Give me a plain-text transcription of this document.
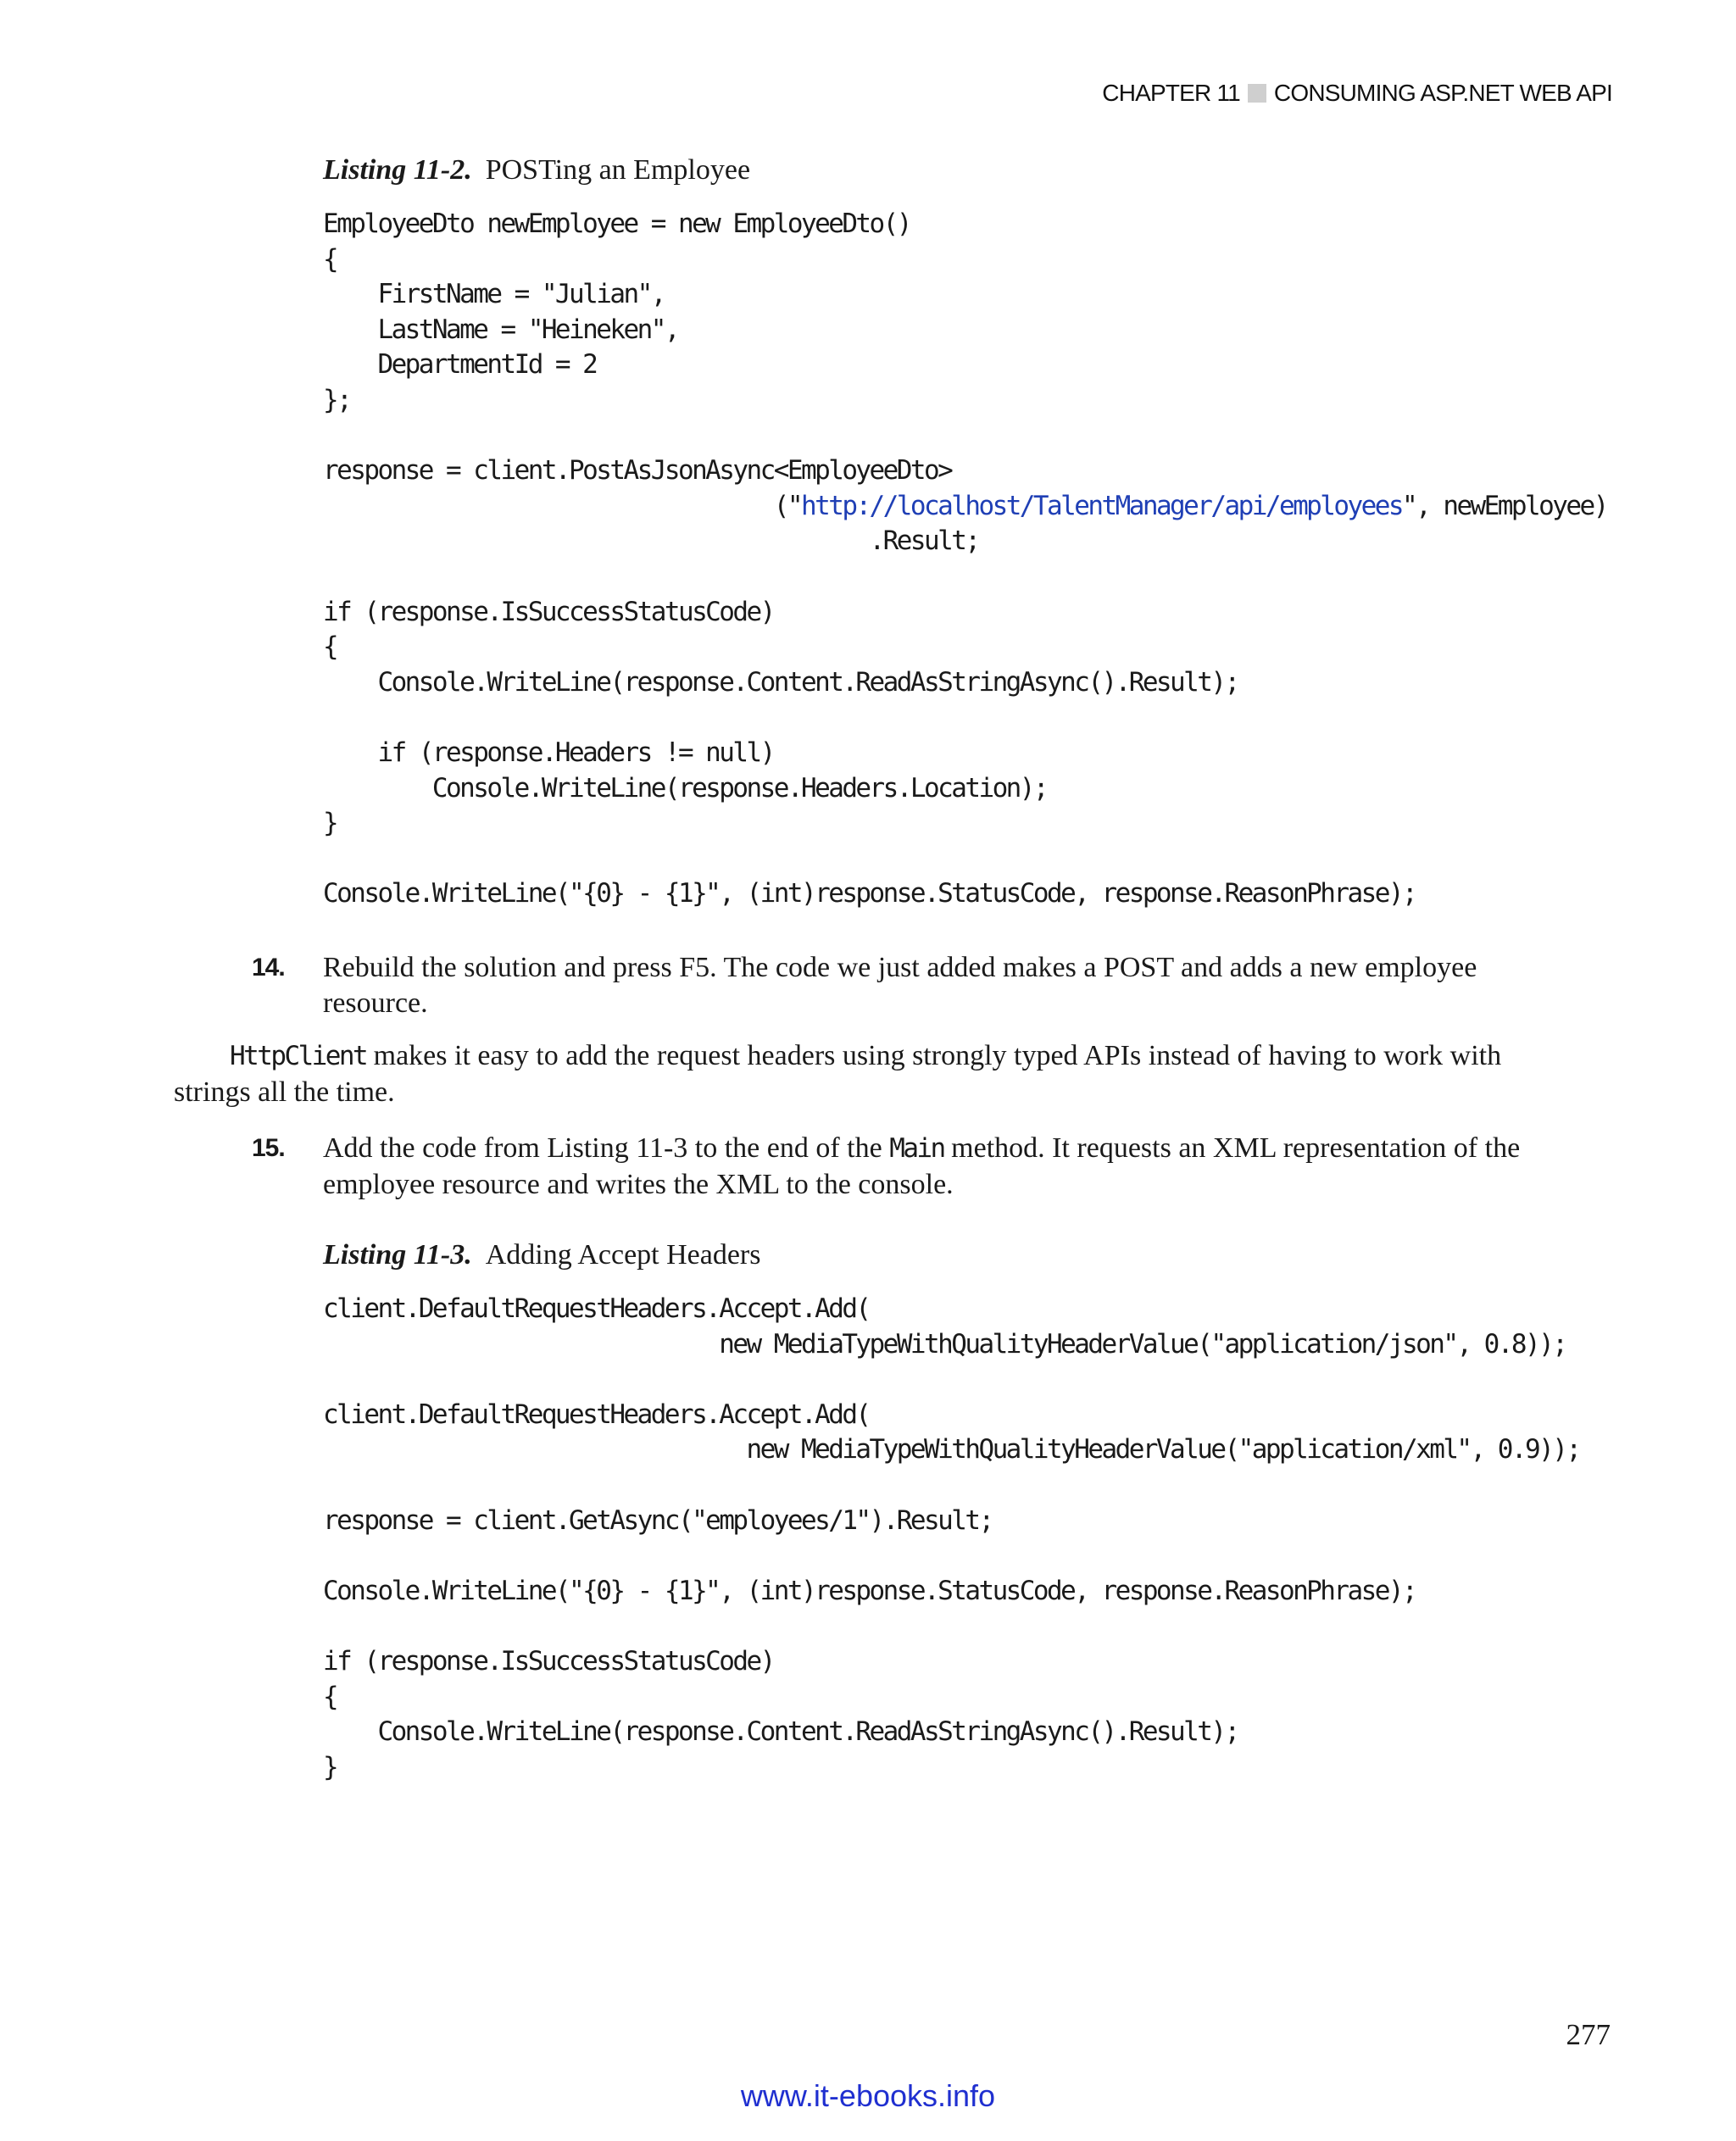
CHAPTER 11 CONSUMING ASP.NET WEB API
Listing 11-2. POSTing an Employee
EmployeeDto newEmployee = new EmployeeDto()
{
FirstName = "Julian",
LastName = "Heineken",
DepartmentId = 2
};

response = client.PostAsJsonAsync<EmployeeDto>
("http://localhost/TalentManager/api/employees", newEmployee)
.Result;

if (response.IsSuccessStatusCode)
{
Console.WriteLine(response.Content.ReadAsStringAsync().Result);

if (response.Headers != null)
Console.WriteLine(response.Headers.Location);
}

Console.WriteLine("{0} - {1}", (int)response.StatusCode, response.ReasonPhrase);
14. Rebuild the solution and press F5. The code we just added makes a POST and adds a new employee resource.
HttpClient makes it easy to add the request headers using strongly typed APIs instead of having to work with strings all the time.
15. Add the code from Listing 11-3 to the end of the Main method. It requests an XML representation of the employee resource and writes the XML to the console.
Listing 11-3. Adding Accept Headers
client.DefaultRequestHeaders.Accept.Add(
new MediaTypeWithQualityHeaderValue("application/json", 0.8));

client.DefaultRequestHeaders.Accept.Add(
new MediaTypeWithQualityHeaderValue("application/xml", 0.9));

response = client.GetAsync("employees/1").Result;

Console.WriteLine("{0} - {1}", (int)response.StatusCode, response.ReasonPhrase);

if (response.IsSuccessStatusCode)
{
Console.WriteLine(response.Content.ReadAsStringAsync().Result);
}
277
www.it-ebooks.info
